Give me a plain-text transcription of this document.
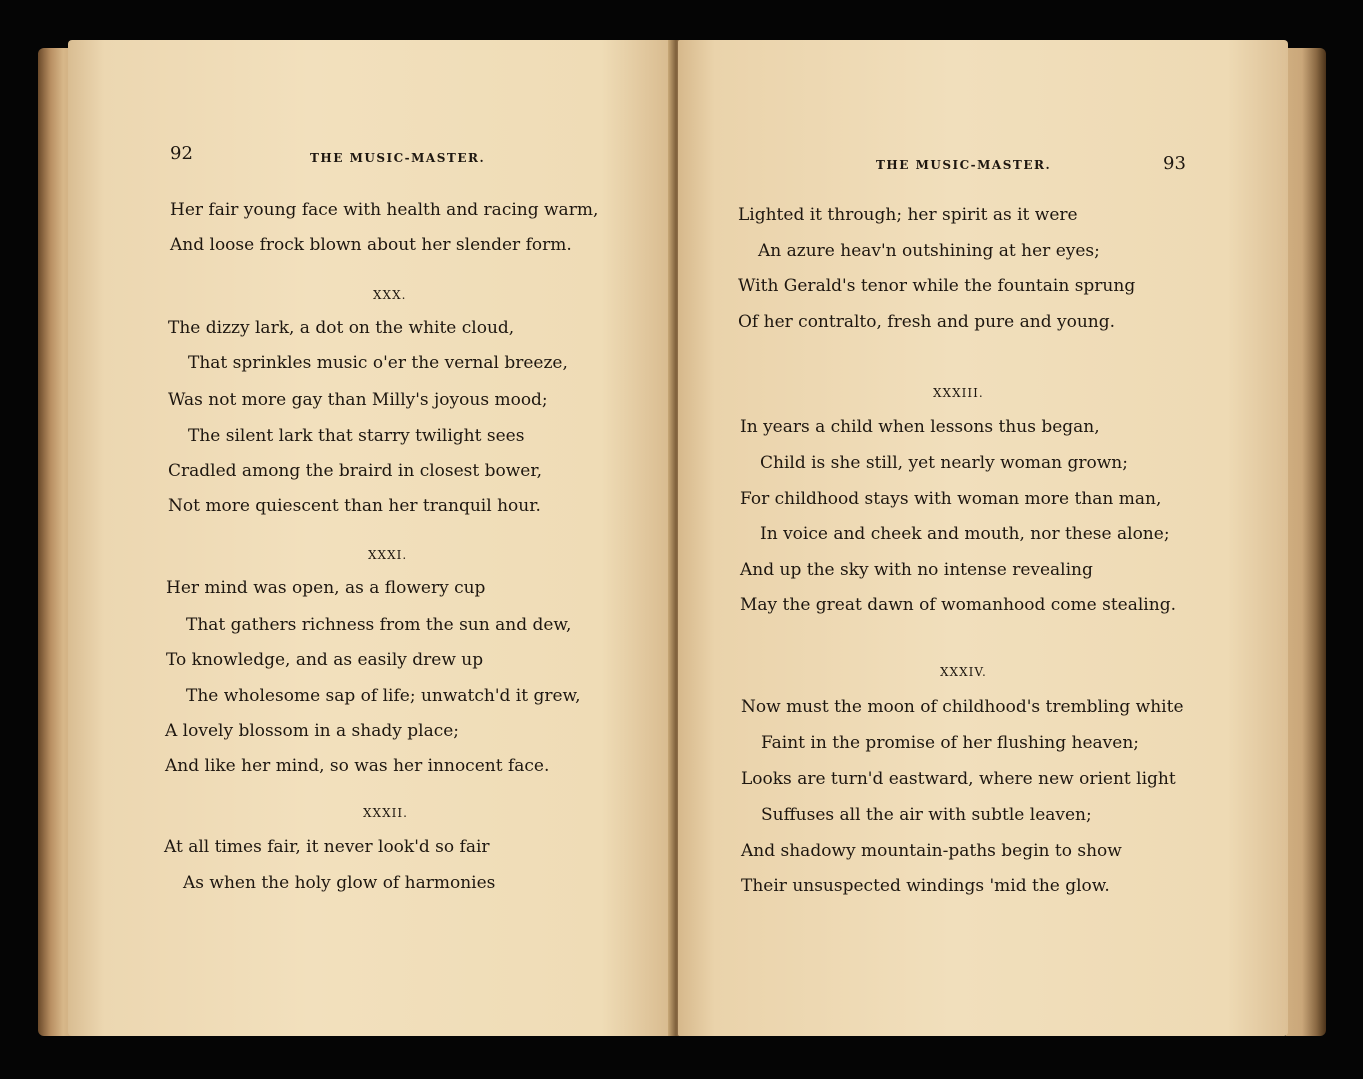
92	THE MUSIC-MASTER.
Her fair young face with health and racing warm,
And loose frock blown about her slender form.
XXX.
The dizzy lark, a dot on the white cloud,
That sprinkles music o'er the vernal breeze,
Was not more gay than Milly's joyous mood;
The silent lark that starry twilight sees
Cradled among the braird in closest bower,
Not more quiescent than her tranquil hour.
XXXI.
Her mind was open, as a flowery cup
That gathers richness from the sun and dew,
To knowledge, and as easily drew up
The wholesome sap of life; unwatch'd it grew,
A lovely blossom in a shady place;
And like her mind, so was her innocent face.
XXXII.
At all times fair, it never look'd so fair
As when the holy glow of harmonies
THE MUSIC-MASTER.	93
Lighted it through; her spirit as it were
An azure heav'n outshining at her eyes;
With Gerald's tenor while the fountain sprung
Of her contralto, fresh and pure and young.
XXXIII.
In years a child when lessons thus began,
Child is she still, yet nearly woman grown;
For childhood stays with woman more than man,
In voice and cheek and mouth, nor these alone;
And up the sky with no intense revealing
May the great dawn of womanhood come stealing.
XXXIV.
Now must the moon of childhood's trembling white
Faint in the promise of her flushing heaven;
Looks are turn'd eastward, where new orient light
Suffuses all the air with subtle leaven;
And shadowy mountain-paths begin to show
Their unsuspected windings 'mid the glow.
